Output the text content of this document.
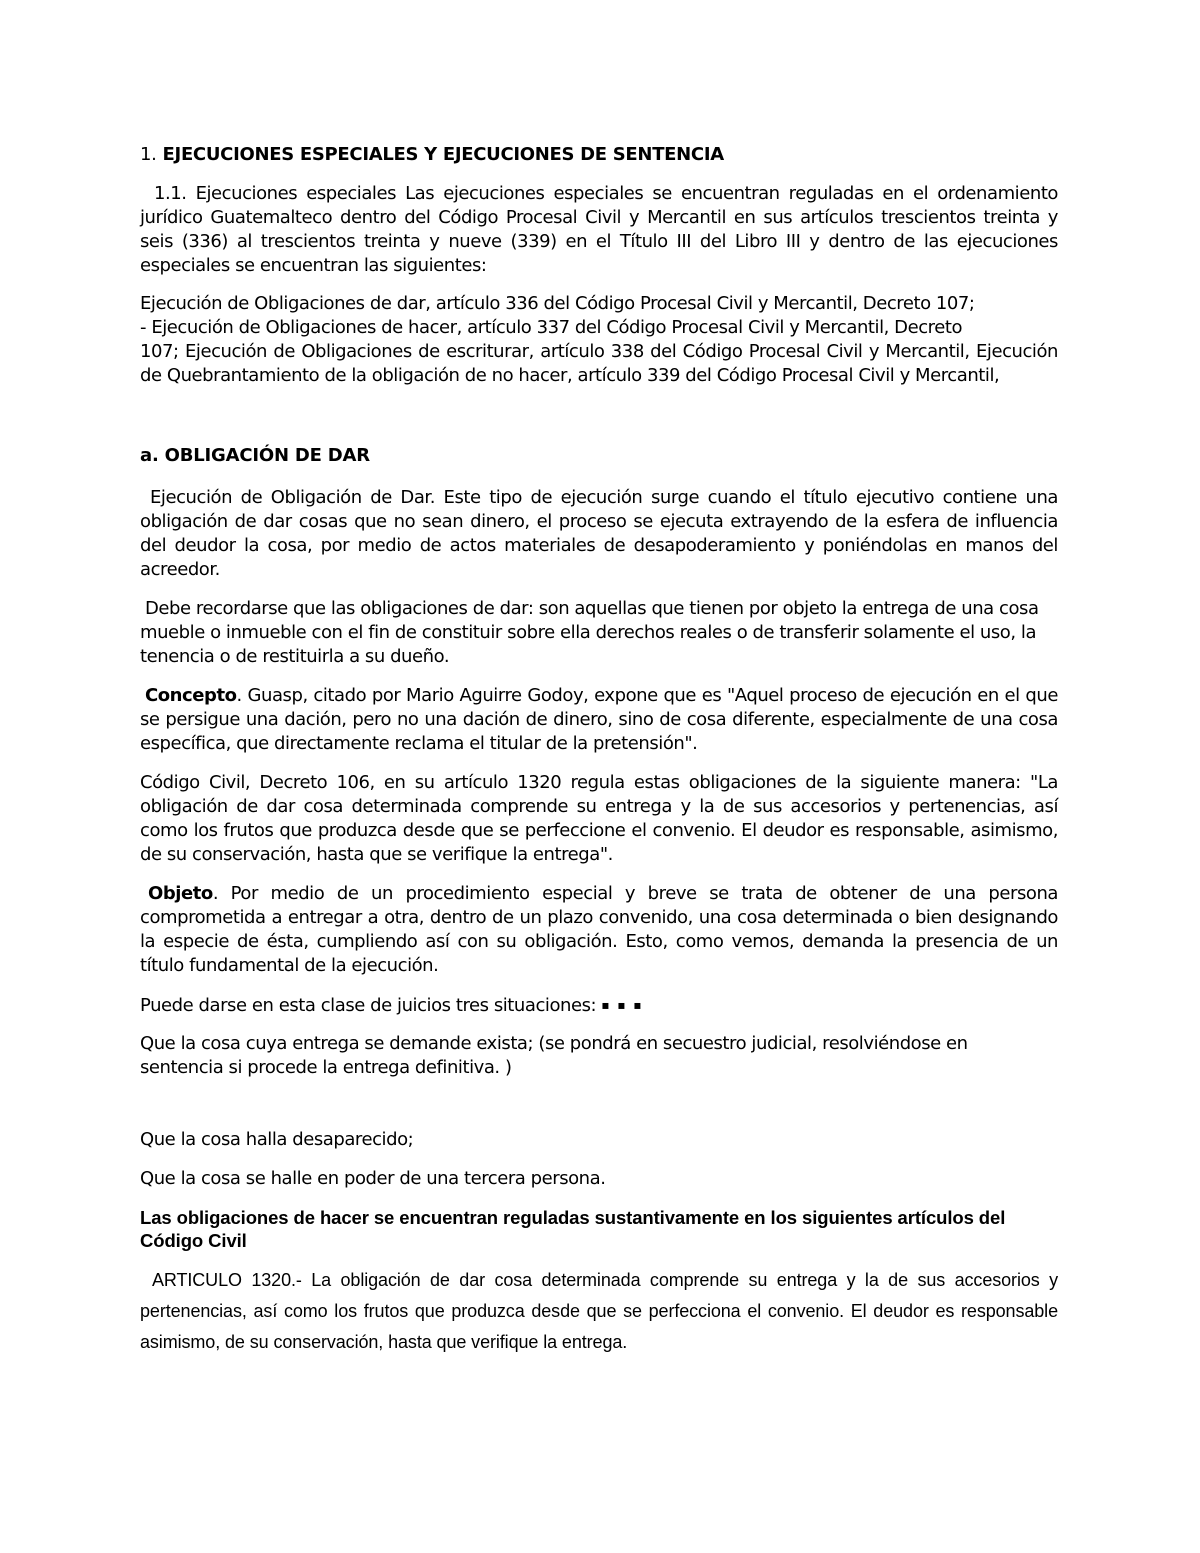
1. EJECUCIONES ESPECIALES Y EJECUCIONES DE SENTENCIA

1.1. Ejecuciones especiales Las ejecuciones especiales se encuentran reguladas en el ordenamiento jurídico Guatemalteco dentro del Código Procesal Civil y Mercantil en sus artículos trescientos treinta y seis (336) al trescientos treinta y nueve (339) en el Título III del Libro III y dentro de las ejecuciones especiales se encuentran las siguientes:

Ejecución de Obligaciones de dar, artículo 336 del Código Procesal Civil y Mercantil, Decreto 107;

- Ejecución de Obligaciones de hacer, artículo 337 del Código Procesal Civil y Mercantil, Decreto

107; Ejecución de Obligaciones de escriturar, artículo 338 del Código Procesal Civil y Mercantil, Ejecución de Quebrantamiento de la obligación de no hacer, artículo 339 del Código Procesal Civil y Mercantil,

a. OBLIGACIÓN DE DAR

Ejecución de Obligación de Dar. Este tipo de ejecución surge cuando el título ejecutivo contiene una obligación de dar cosas que no sean dinero, el proceso se ejecuta extrayendo de la esfera de influencia del deudor la cosa, por medio de actos materiales de desapoderamiento y poniéndolas en manos del acreedor.

Debe recordarse que las obligaciones de dar: son aquellas que tienen por objeto la entrega de una cosa mueble o inmueble con el fin de constituir sobre ella derechos reales o de transferir solamente el uso, la tenencia o de restituirla a su dueño.

Concepto. Guasp, citado por Mario Aguirre Godoy, expone que es "Aquel proceso de ejecución en el que se persigue una dación, pero no una dación de dinero, sino de cosa diferente, especialmente de una cosa específica, que directamente reclama el titular de la pretensión".

Código Civil, Decreto 106, en su artículo 1320 regula estas obligaciones de la siguiente manera: "La obligación de dar cosa determinada comprende su entrega y la de sus accesorios y pertenencias, así como los frutos que produzca desde que se perfeccione el convenio. El deudor es responsable, asimismo, de su conservación, hasta que se verifique la entrega".

Objeto. Por medio de un procedimiento especial y breve se trata de obtener de una persona comprometida a entregar a otra, dentro de un plazo convenido, una cosa determinada o bien designando la especie de ésta, cumpliendo así con su obligación. Esto, como vemos, demanda la presencia de un título fundamental de la ejecución.

Puede darse en esta clase de juicios tres situaciones: ▪ ▪ ▪

Que la cosa cuya entrega se demande exista; (se pondrá en secuestro judicial, resolviéndose en

sentencia si procede la entrega definitiva. )

Que la cosa halla desaparecido;

Que la cosa se halle en poder de una tercera persona.

Las obligaciones de hacer se encuentran reguladas sustantivamente en los siguientes artículos del Código Civil

ARTICULO 1320.- La obligación de dar cosa determinada comprende su entrega y la de sus accesorios y pertenencias, así como los frutos que produzca desde que se perfecciona el convenio. El deudor es responsable asimismo, de su conservación, hasta que verifique la entrega.
